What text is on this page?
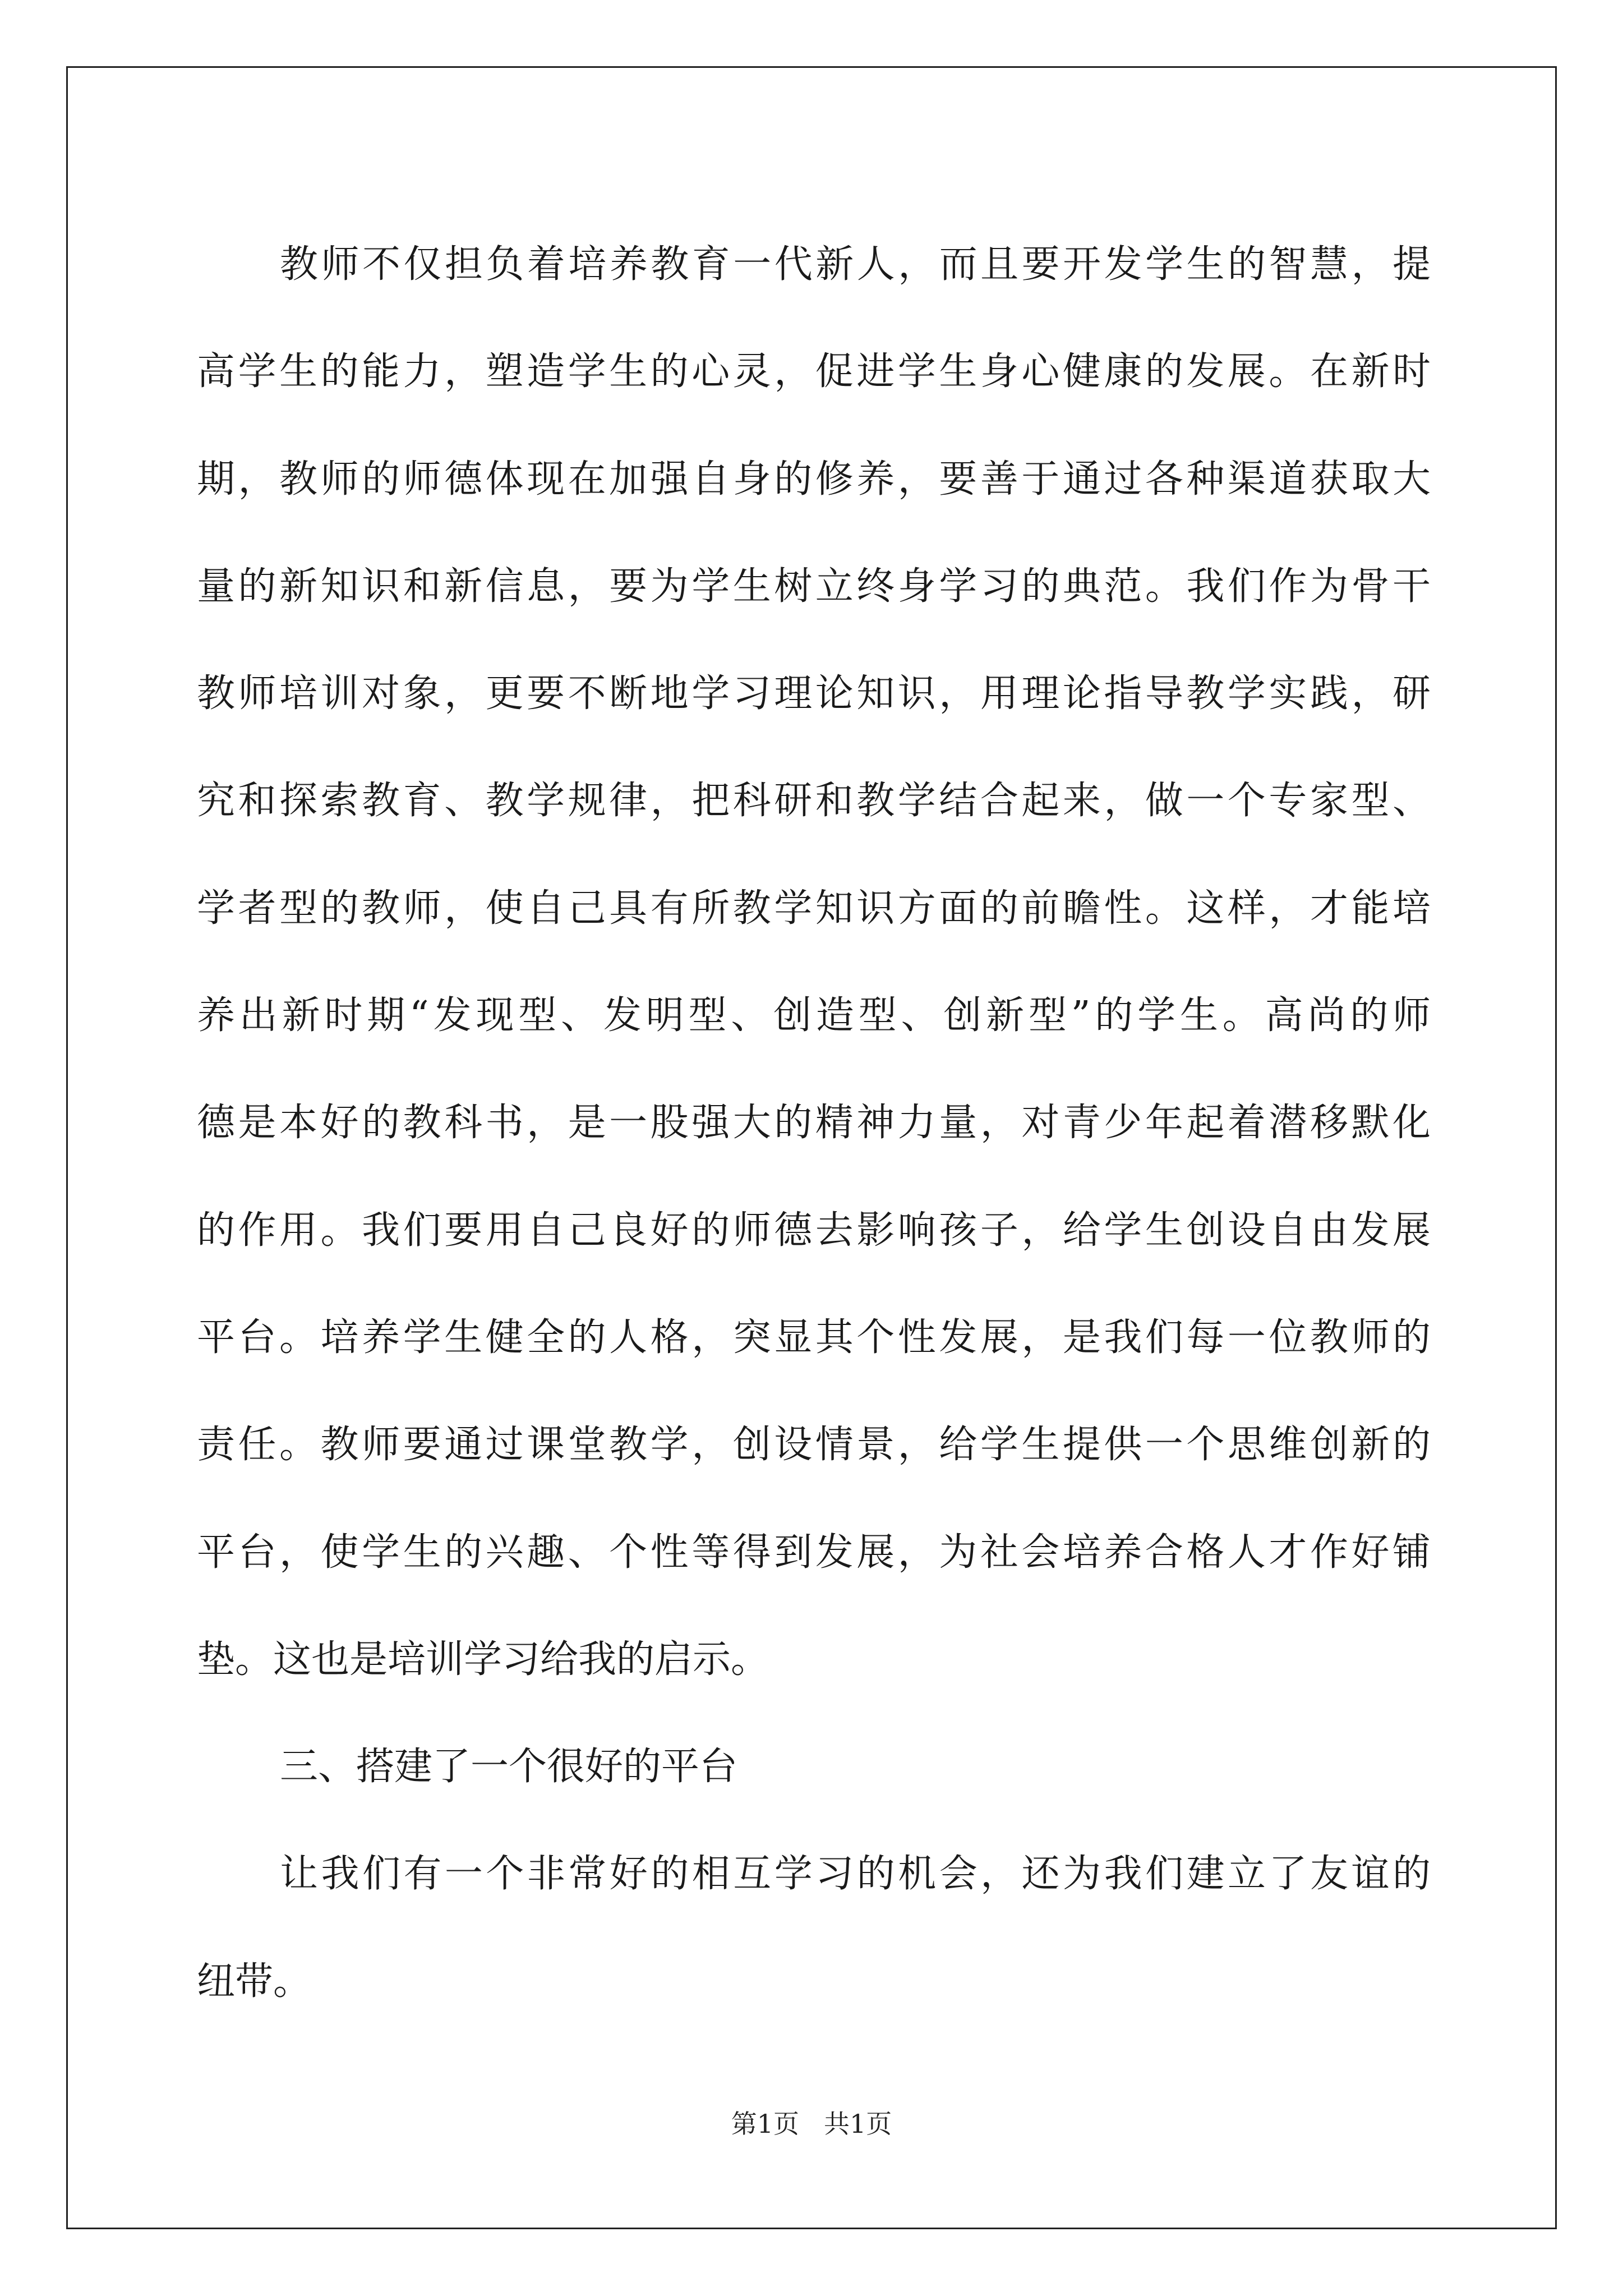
教师不仅担负着培养教育一代新人，而且要开发学生的智慧，提
高学生的能力，塑造学生的心灵，促进学生身心健康的发展。在新时
期，教师的师德体现在加强自身的修养，要善于通过各种渠道获取大
量的新知识和新信息，要为学生树立终身学习的典范。我们作为骨干
教师培训对象，更要不断地学习理论知识，用理论指导教学实践，研
究和探索教育、教学规律，把科研和教学结合起来，做一个专家型、
学者型的教师，使自己具有所教学知识方面的前瞻性。这样，才能培
养出新时期“发现型、发明型、创造型、创新型”的学生。高尚的师
德是本好的教科书，是一股强大的精神力量，对青少年起着潜移默化
的作用。我们要用自己良好的师德去影响孩子，给学生创设自由发展
平台。培养学生健全的人格，突显其个性发展，是我们每一位教师的
责任。教师要通过课堂教学，创设情景，给学生提供一个思维创新的
平台，使学生的兴趣、个性等得到发展，为社会培养合格人才作好铺
垫。这也是培训学习给我的启示。
三、搭建了一个很好的平台
让我们有一个非常好的相互学习的机会，还为我们建立了友谊的
纽带。
第1页 共1页
